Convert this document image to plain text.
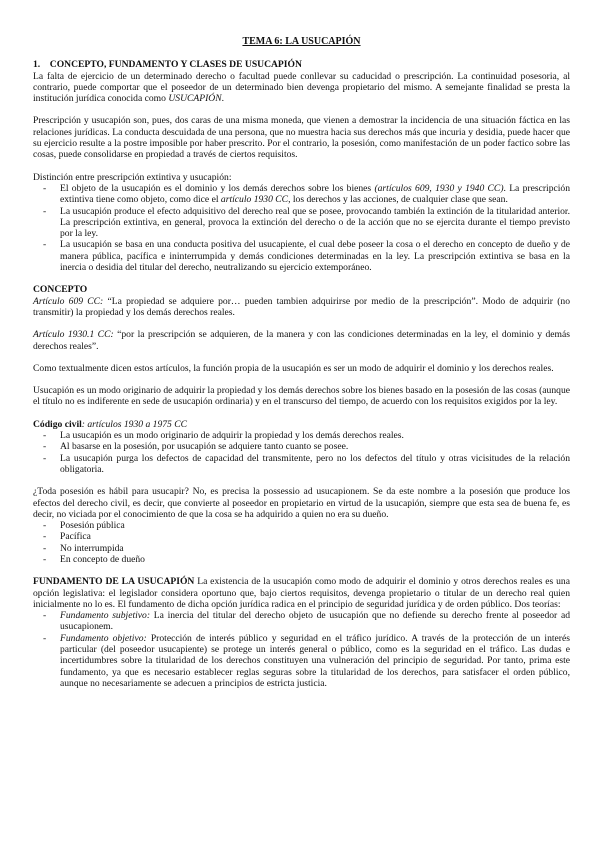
TEMA 6: LA USUCAPIÓN

1.    CONCEPTO, FUNDAMENTO Y CLASES DE USUCAPIÓN

La falta de ejercicio de un determinado derecho o facultad puede conllevar su caducidad o prescripción. La continuidad posesoria, al contrario, puede comportar que el poseedor de un determinado bien devenga propietario del mismo. A semejante finalidad se presta la institución jurídica conocida como USUCAPIÓN.

Prescripción y usucapión son, pues, dos caras de una misma moneda, que vienen a demostrar la incidencia de una situación fáctica en las relaciones jurídicas. La conducta descuidada de una persona, que no muestra hacia sus derechos más que incuria y desidia, puede hacer que su ejercicio resulte a la postre imposible por haber prescrito. Por el contrario, la posesión, como manifestación de un poder factico sobre las cosas, puede consolidarse en propiedad a través de ciertos requisitos.

Distinción entre prescripción extintiva y usucapión:

- El objeto de la usucapión es el dominio y los demás derechos sobre los bienes (artículos 609, 1930 y 1940 CC). La prescripción extintiva tiene como objeto, como dice el artículo 1930 CC, los derechos y las acciones, de cualquier clase que sean.
- La usucapión produce el efecto adquisitivo del derecho real que se posee, provocando también la extinción de la titularidad anterior. La prescripción extintiva, en general, provoca la extinción del derecho o de la acción que no se ejercita durante el tiempo previsto por la ley.
- La usucapión se basa en una conducta positiva del usucapiente, el cual debe poseer la cosa o el derecho en concepto de dueño y de manera pública, pacífica e ininterrumpida y demás condiciones determinadas en la ley. La prescripción extintiva se basa en la inercia o desidia del titular del derecho, neutralizando su ejercicio extemporáneo.

CONCEPTO

Artículo 609 CC: “La propiedad se adquiere por… pueden tambien adquirirse por medio de la prescripción”. Modo de adquirir (no transmitir) la propiedad y los demás derechos reales.

Artículo 1930.1 CC: “por la prescripción se adquieren, de la manera y con las condiciones determinadas en la ley, el dominio y demás derechos reales”.

Como textualmente dicen estos artículos, la función propia de la usucapión es ser un modo de adquirir el dominio y los derechos reales.

Usucapión es un modo originario de adquirir la propiedad y los demás derechos sobre los bienes basado en la posesión de las cosas (aunque el título no es indiferente en sede de usucapión ordinaria) y en el transcurso del tiempo, de acuerdo con los requisitos exigidos por la ley.

Código civil: artículos 1930 a 1975 CC

- La usucapión es un modo originario de adquirir la propiedad y los demás derechos reales.
- Al basarse en la posesión, por usucapión se adquiere tanto cuanto se posee.
- La usucapión purga los defectos de capacidad del transmitente, pero no los defectos del título y otras vicisitudes de la relación obligatoria.

¿Toda posesión es hábil para usucapir? No, es precisa la possessio ad usucapionem. Se da este nombre a la posesión que produce los efectos del derecho civil, es decir, que convierte al poseedor en propietario en virtud de la usucapión, siempre que esta sea de buena fe, es decir, no viciada por el conocimiento de que la cosa se ha adquirido a quien no era su dueño.

- Posesión pública
- Pacífica
- No interrumpida
- En concepto de dueño

FUNDAMENTO DE LA USUCAPIÓN La existencia de la usucapión como modo de adquirir el dominio y otros derechos reales es una opción legislativa: el legislador considera oportuno que, bajo ciertos requisitos, devenga propietario o titular de un derecho real quien inicialmente no lo es. El fundamento de dicha opción jurídica radica en el principio de seguridad jurídica y de orden público. Dos teorías:

- Fundamento subjetivo: La inercia del titular del derecho objeto de usucapión que no defiende su derecho frente al poseedor ad usucapionem.
- Fundamento objetivo: Protección de interés público y seguridad en el tráfico jurídico. A través de la protección de un interés particular (del poseedor usucapiente) se protege un interés general o público, como es la seguridad en el tráfico. Las dudas e incertidumbres sobre la titularidad de los derechos constituyen una vulneración del principio de seguridad. Por tanto, prima este fundamento, ya que es necesario establecer reglas seguras sobre la titularidad de los derechos, para satisfacer el orden público, aunque no necesariamente se adecuen a principios de estricta justicia.
